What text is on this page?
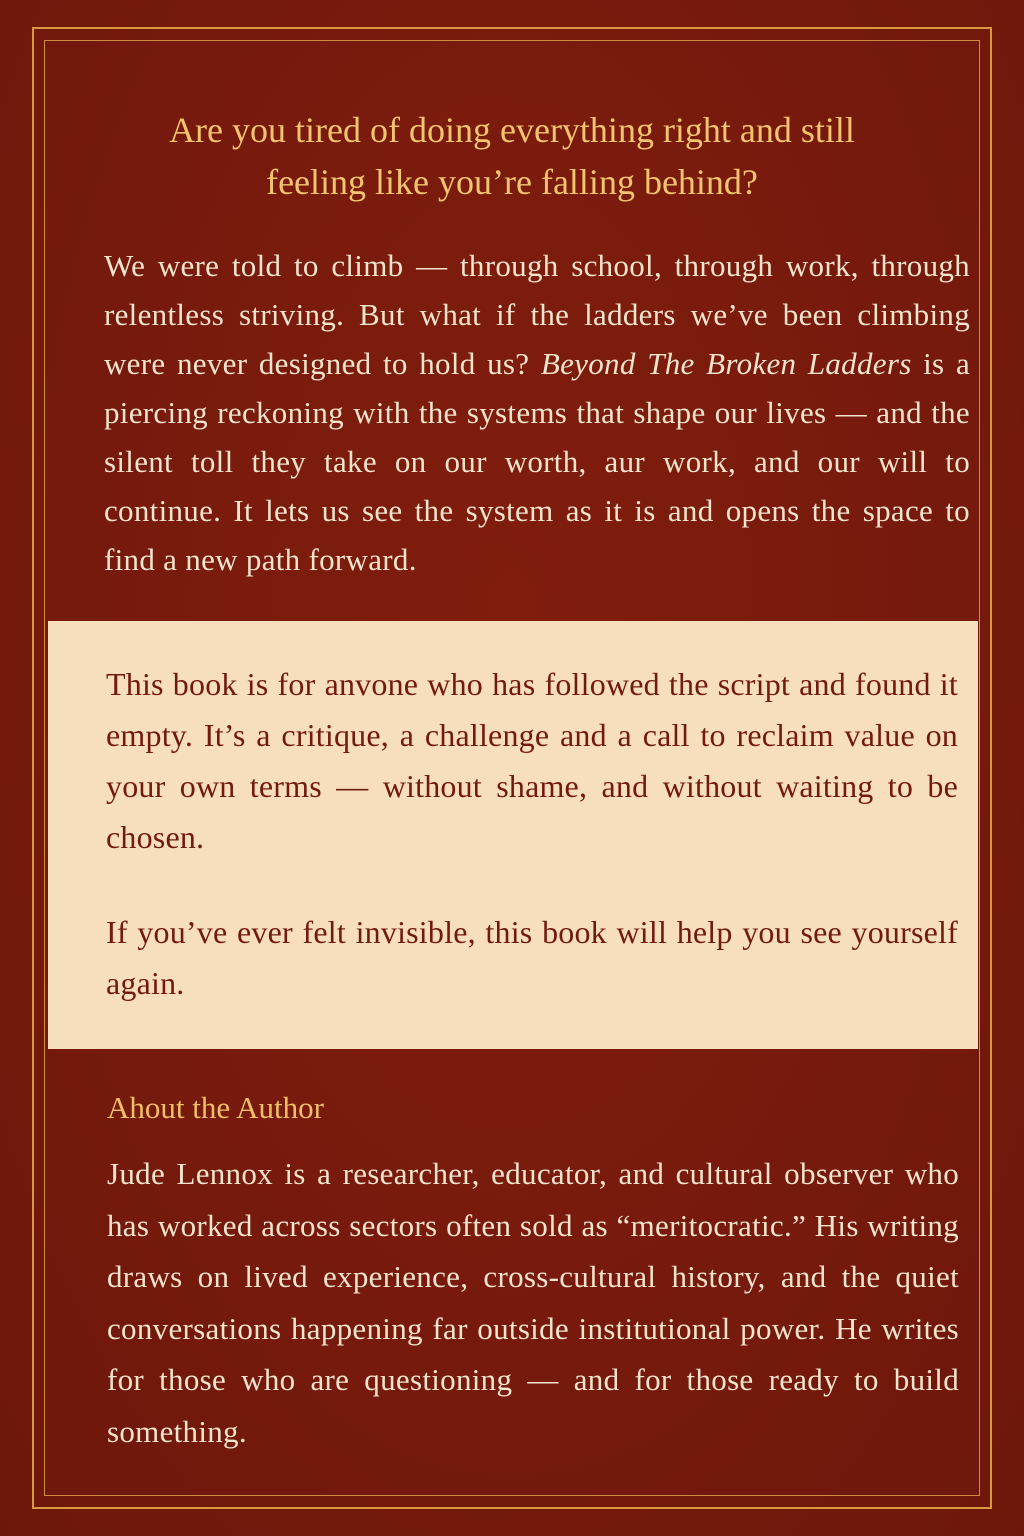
Are you tired of doing everything right and still
feeling like you’re falling behind?

We were told to climb — through school, through work, through relentless striving. But what if the ladders we’ve been climbing were never designed to hold us? Beyond The Broken Ladders is a piercing reckoning with the systems that shape our lives — and the silent toll they take on our worth, aur work, and our will to continue. It lets us see the system as it is and opens the space to find a new path forward.

This book is for anvone who has followed the script and found it empty. It’s a critique, a challenge and a call to reclaim value on your own terms — without shame, and without waiting to be chosen.

If you’ve ever felt invisible, this book will help you see yourself again.

Ahout the Author

Jude Lennox is a researcher, educator, and cultural observer who has worked across sectors often sold as “meritocratic.” His writing draws on lived experience, cross-cultural history, and the quiet conversations happening far outside institutional power. He writes for those who are questioning — and for those ready to build something.
